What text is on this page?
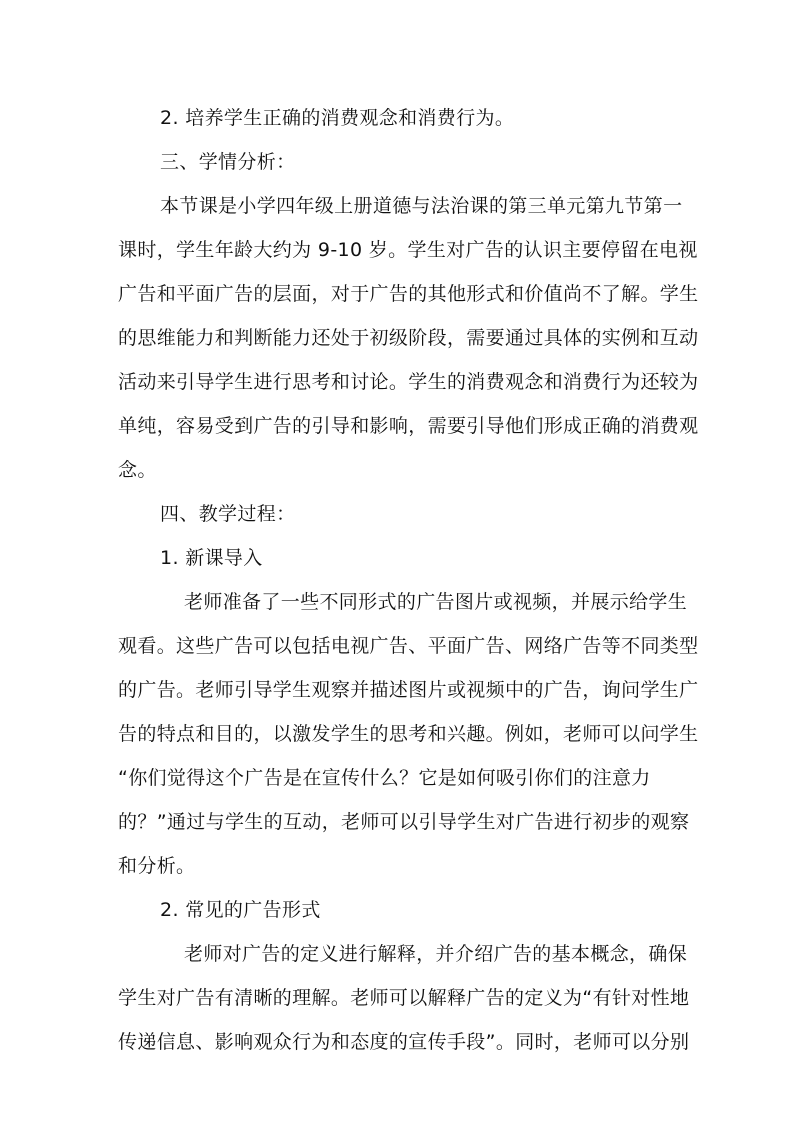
2. 培养学生正确的消费观念和消费行为。
三、学情分析：
本节课是小学四年级上册道德与法治课的第三单元第九节第一
课时，学生年龄大约为 9-10 岁。学生对广告的认识主要停留在电视
广告和平面广告的层面，对于广告的其他形式和价值尚不了解。学生
的思维能力和判断能力还处于初级阶段，需要通过具体的实例和互动
活动来引导学生进行思考和讨论。学生的消费观念和消费行为还较为
单纯，容易受到广告的引导和影响，需要引导他们形成正确的消费观
念。
四、教学过程：
1. 新课导入
老师准备了一些不同形式的广告图片或视频，并展示给学生
观看。这些广告可以包括电视广告、平面广告、网络广告等不同类型
的广告。老师引导学生观察并描述图片或视频中的广告，询问学生广
告的特点和目的，以激发学生的思考和兴趣。例如，老师可以问学生
“你们觉得这个广告是在宣传什么？它是如何吸引你们的注意力
的？”通过与学生的互动，老师可以引导学生对广告进行初步的观察
和分析。
2. 常见的广告形式
老师对广告的定义进行解释，并介绍广告的基本概念，确保
学生对广告有清晰的理解。老师可以解释广告的定义为“有针对性地
传递信息、影响观众行为和态度的宣传手段”。同时，老师可以分别
